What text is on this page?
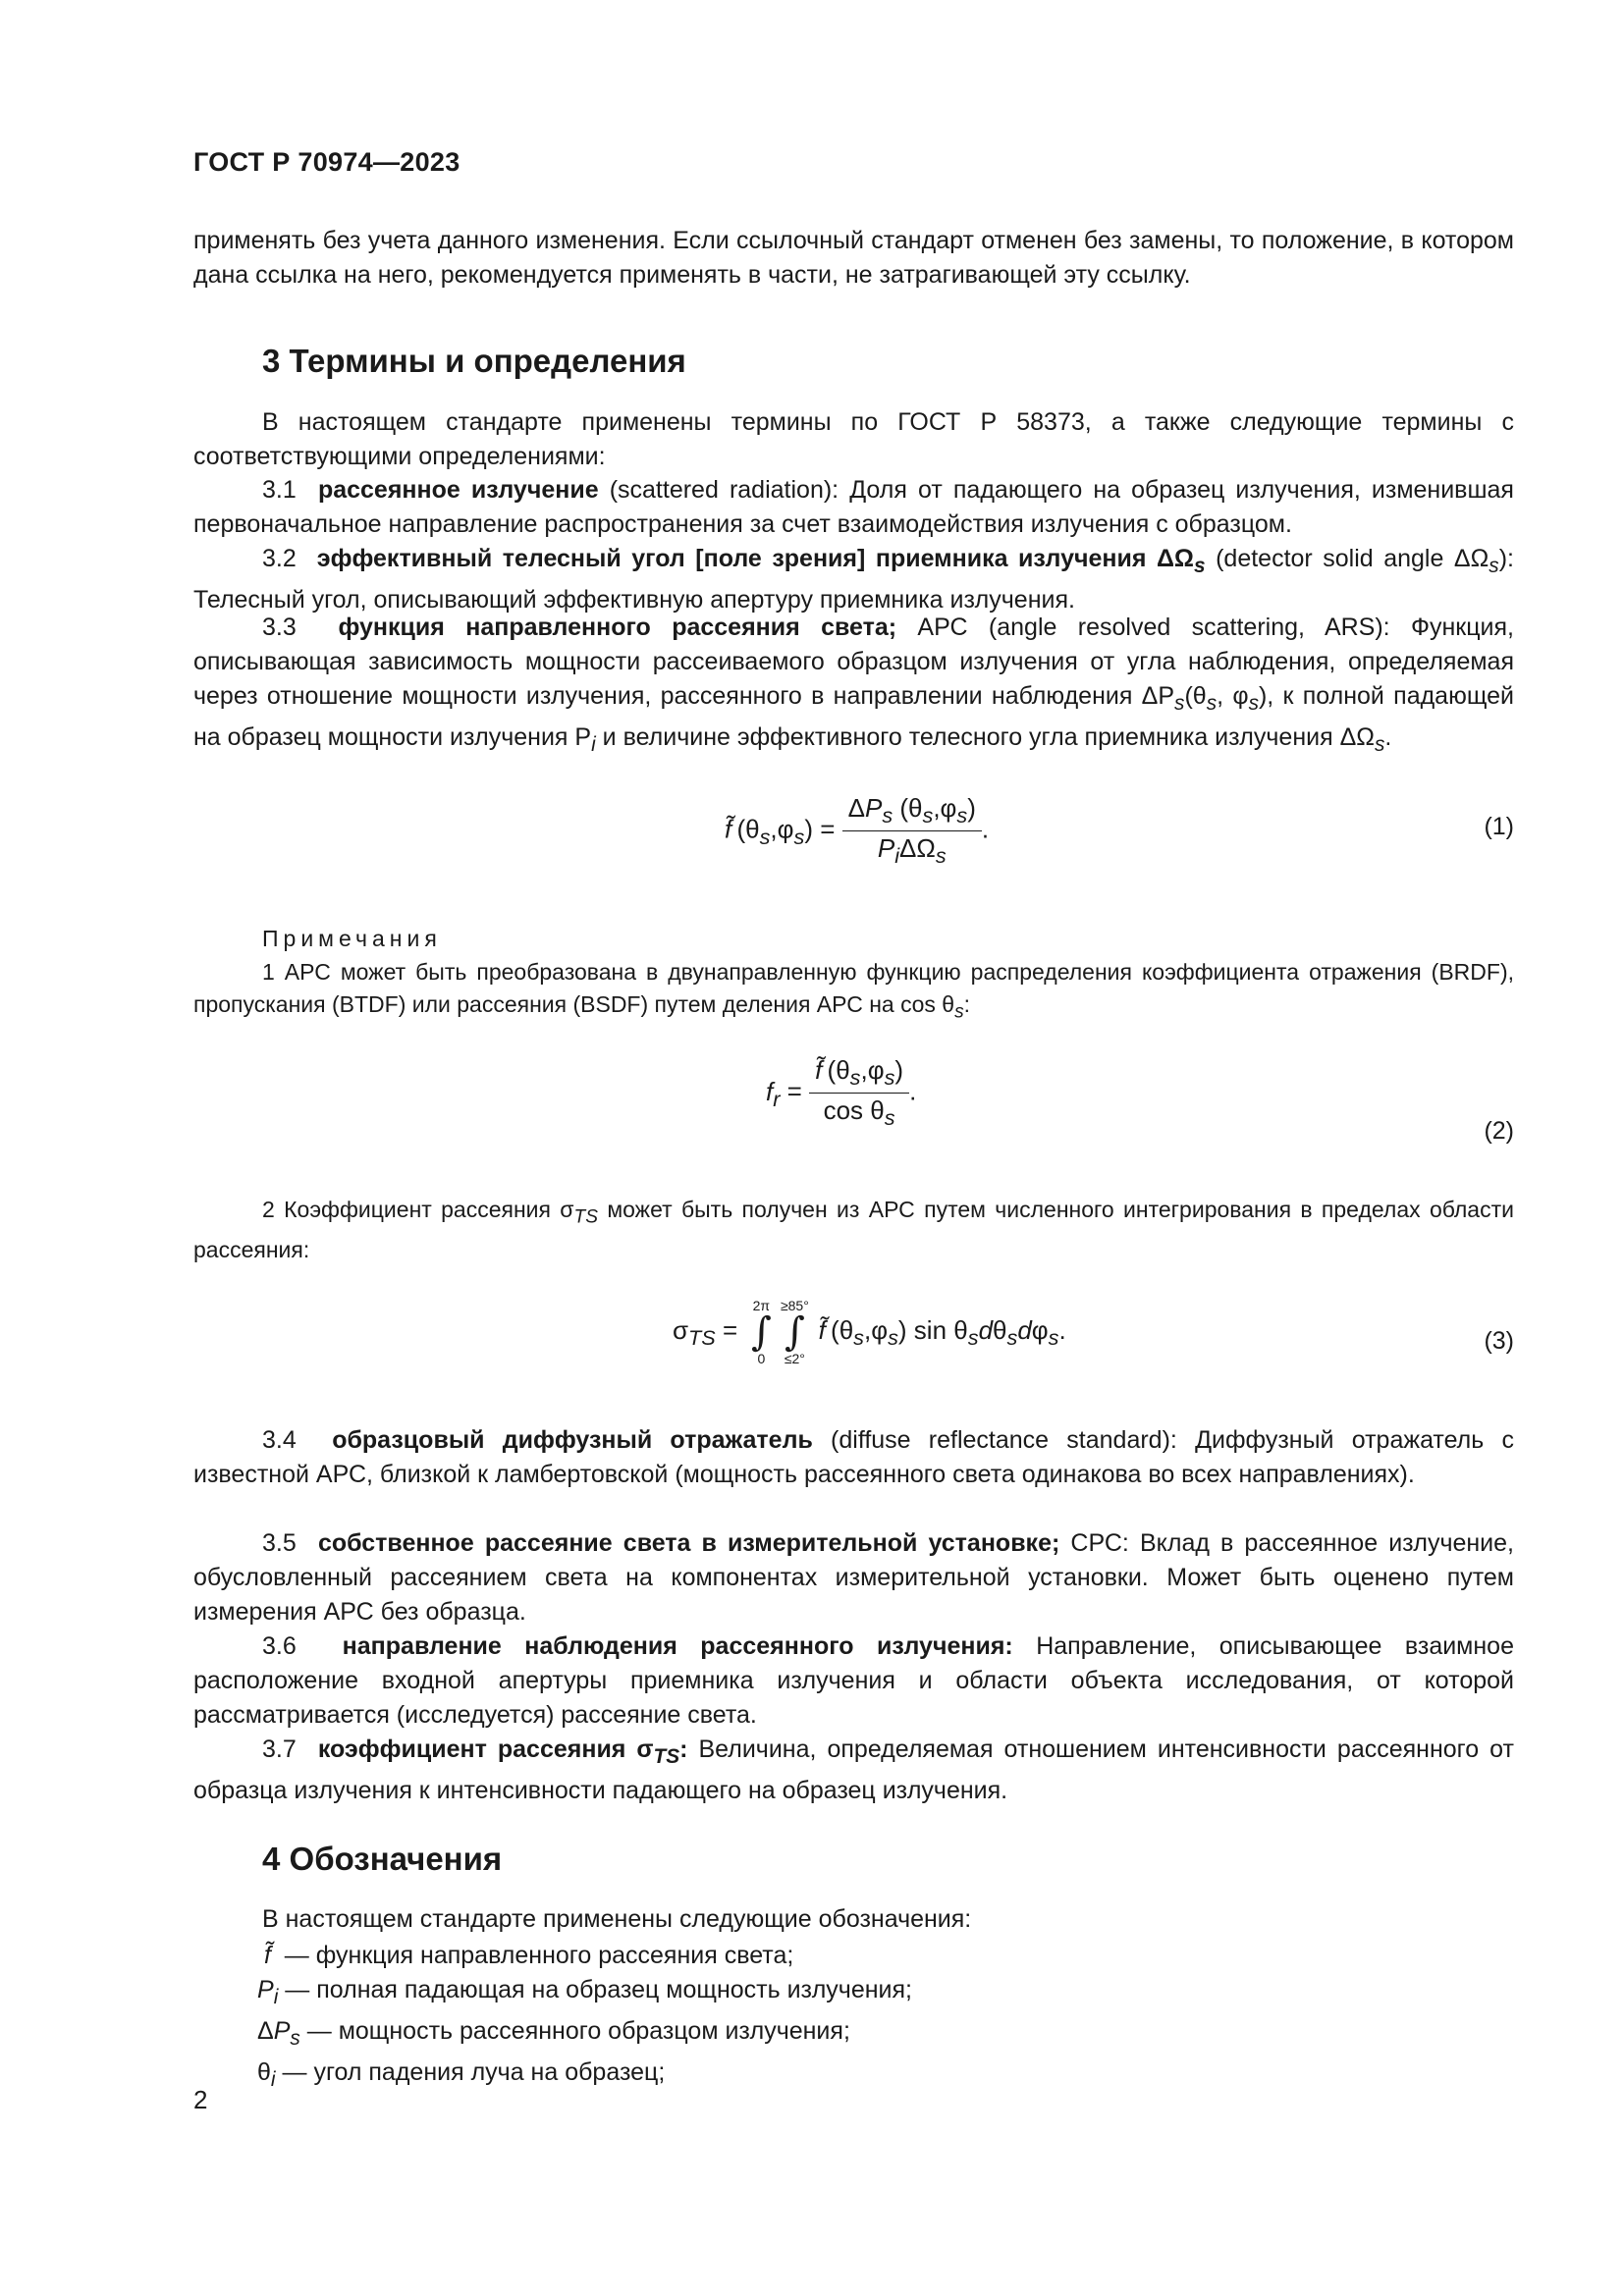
ГОСТ Р 70974—2023
применять без учета данного изменения. Если ссылочный стандарт отменен без замены, то положение, в котором дана ссылка на него, рекомендуется применять в части, не затрагивающей эту ссылку.
3 Термины и определения
В настоящем стандарте применены термины по ГОСТ Р 58373, а также следующие термины с соответствующими определениями:
3.1 рассеянное излучение (scattered radiation): Доля от падающего на образец излучения, изменившая первоначальное направление распространения за счет взаимодействия излучения с образцом.
3.2 эффективный телесный угол [поле зрения] приемника излучения $\Delta\Omega_s$ (detector solid angle $\Delta\Omega_s$): Телесный угол, описывающий эффективную апертуру приемника излучения.
3.3 функция направленного рассеяния света; АРС (angle resolved scattering, ARS): Функция, описывающая зависимость мощности рассеиваемого образцом излучения от угла наблюдения, определяемая через отношение мощности излучения, рассеянного в направлении наблюдения $\Delta P_s(\theta_s$, $\varphi_s$), к полной падающей на образец мощности излучения $P_i$ и величине эффективного телесного угла приемника излучения $\Delta\Omega_s$.
f̃ $(\theta_s,\varphi_s) = \frac{\Delta P_s (\theta_s,\varphi_s)}{P_i\Delta\Omega_s}$ .	(1)
Примечания
1 АРС может быть преобразована в двунаправленную функцию распределения коэффициента отражения (BRDF), пропускания (BTDF) или рассеяния (BSDF) путем деления АРС на $\cos \theta_s$:
$f_r = \frac{f̃ (\theta_s,\varphi_s)}{\cos \theta_s}$ .
(2)
2 Коэффициент рассеяния $\sigma_{TS}$ может быть получен из АРС путем численного интегрирования в пределах области рассеяния:
$\sigma_{TS}$ =
2π
∫
0
≥85°
∫
≤2°
f̃ $(\theta_s,\varphi_s)$ $\sin \theta_sd\theta_sd\varphi_s$.	(3)
3.4 образцовый диффузный отражатель (diffuse reflectance standard): Диффузный отражатель с известной АРС, близкой к ламбертовской (мощность рассеянного света одинакова во всех направлениях).
3.5 собственное рассеяние света в измерительной установке; СРС: Вклад в рассеянное излучение, обусловленный рассеянием света на компонентах измерительной установки. Может быть оценено путем измерения АРС без образца.
3.6 направление наблюдения рассеянного излучения: Направление, описывающее взаимное расположение входной апертуры приемника излучения и области объекта исследования, от которой рассматривается (исследуется) рассеяние света.
3.7 коэффициент рассеяния $\sigma_{TS}$: Величина, определяемая отношением интенсивности рассеянного от образца излучения к интенсивности падающего на образец излучения.
4 Обозначения
В настоящем стандарте применены следующие обозначения:
f̃  — функция направленного рассеяния света;
$P_i$ — полная падающая на образец мощность излучения;
$\Delta P_s$ — мощность рассеянного образцом излучения;
$\theta_i$ — угол падения луча на образец;
2
